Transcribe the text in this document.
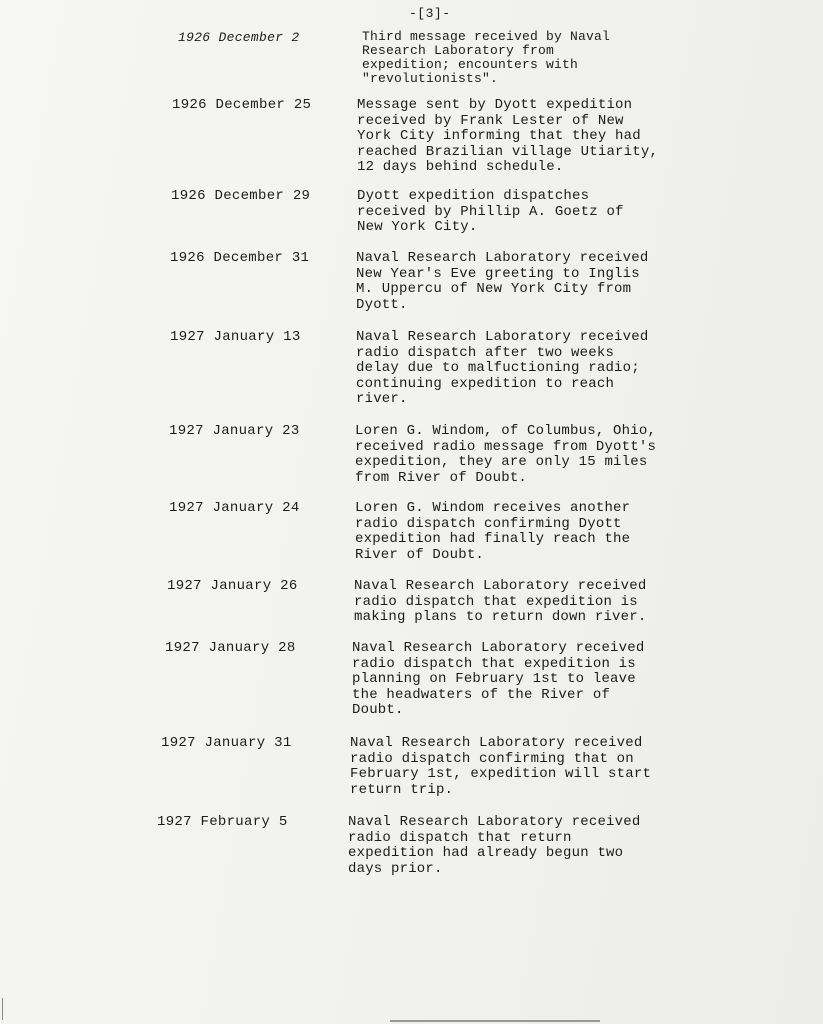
-[3]-
1926 December 2	Third message received by Naval
Research Laboratory from
expedition; encounters with
"revolutionists".
1926 December 25	Message sent by Dyott expedition
received by Frank Lester of New
York City informing that they had
reached Brazilian village Utiarity,
12 days behind schedule.
1926 December 29	Dyott expedition dispatches
received by Phillip A. Goetz of
New York City.
1926 December 31	Naval Research Laboratory received
New Year's Eve greeting to Inglis
M. Uppercu of New York City from
Dyott.
1927 January 13	Naval Research Laboratory received
radio dispatch after two weeks
delay due to malfuctioning radio;
continuing expedition to reach
river.
1927 January 23	Loren G. Windom, of Columbus, Ohio,
received radio message from Dyott's
expedition, they are only 15 miles
from River of Doubt.
1927 January 24	Loren G. Windom receives another
radio dispatch confirming Dyott
expedition had finally reach the
River of Doubt.
1927 January 26	Naval Research Laboratory received
radio dispatch that expedition is
making plans to return down river.
1927 January 28	Naval Research Laboratory received
radio dispatch that expedition is
planning on February 1st to leave
the headwaters of the River of
Doubt.
1927 January 31	Naval Research Laboratory received
radio dispatch confirming that on
February 1st, expedition will start
return trip.
1927 February 5	Naval Research Laboratory received
radio dispatch that return
expedition had already begun two
days prior.
